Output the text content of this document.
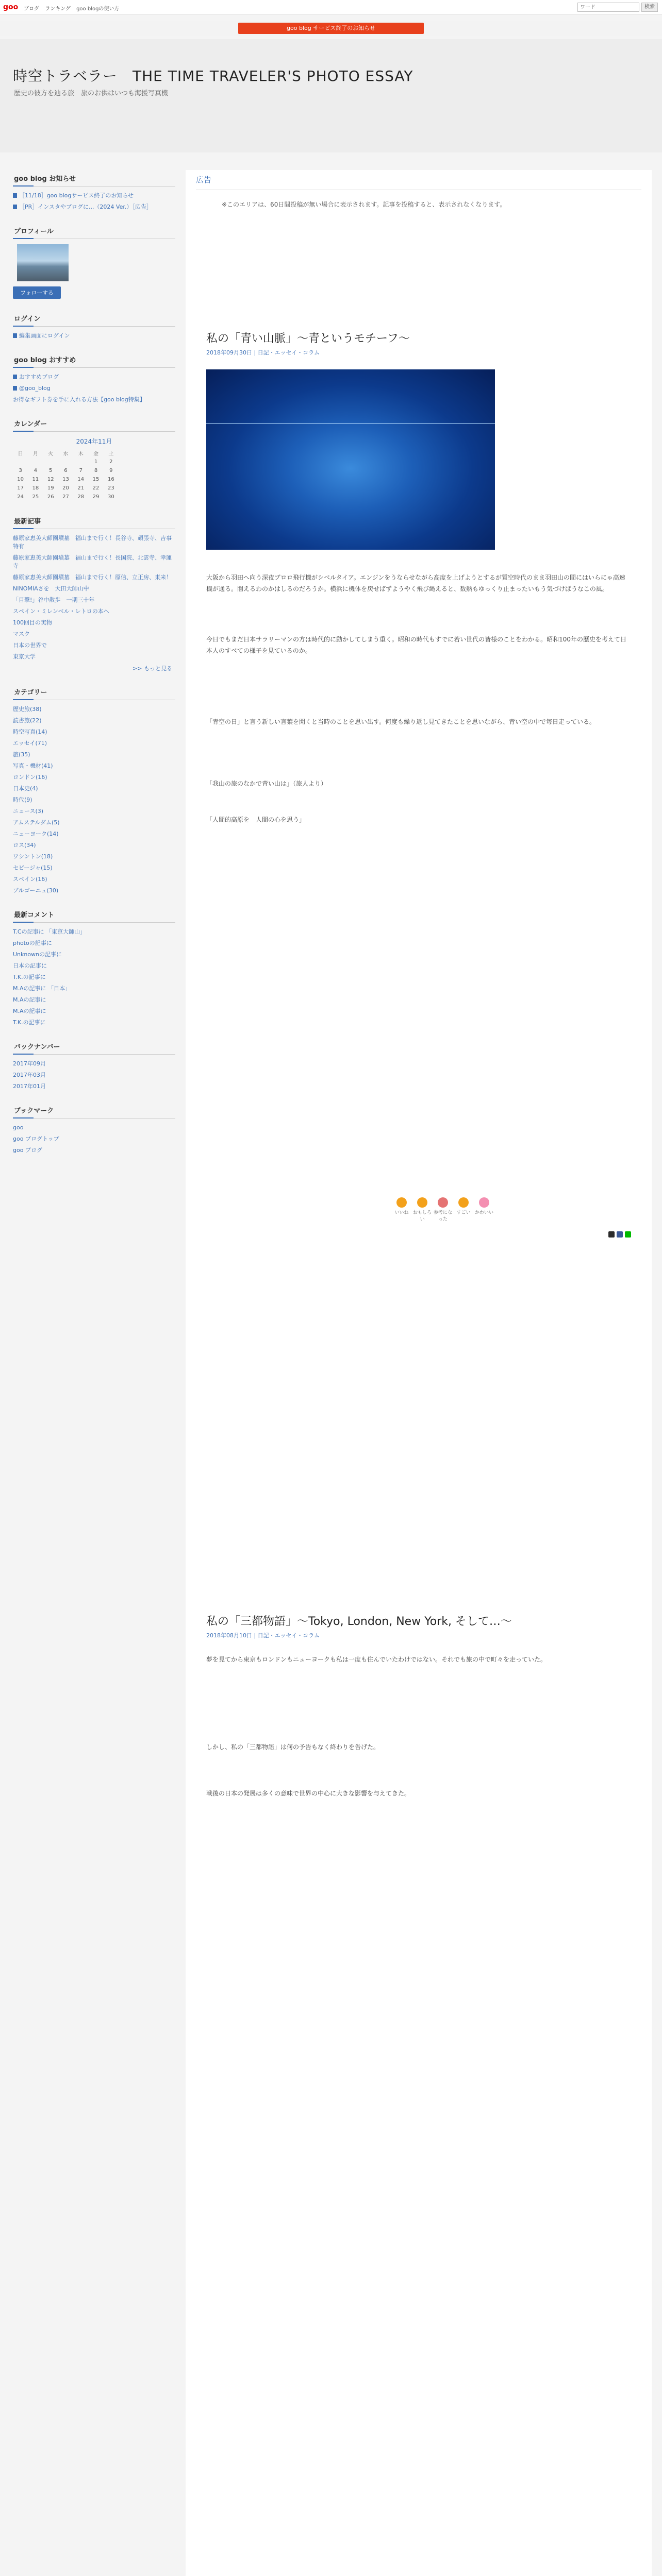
goo ブログ ランキング goo blogの使い方
ワード	検索
goo blog サービス終了のお知らせ
時空トラベラー　THE TIME TRAVELER'S PHOTO ESSAY
歴史の彼方を辿る旅　旅のお供はいつも海援写真機
goo blog お知らせ
［11/18］goo blogサービス終了のお知らせ
［PR］インスタやブログに...（2024 Ver.）［広告］
プロフィール
フォローする
ログイン
編集画面にログイン
goo blog おすすめ
おすすめブログ
@goo_blog
お得なギフト券を手に入れる方法【goo blog特集】
カレンダー
2024年11月
日	月	火	水	木	金	土
					1	2
3	4	5	6	7	8	9
10	11	12	13	14	15	16
17	18	19	20	21	22	23
24	25	26	27	28	29	30
最新記事
藤原家恵美大師園墳墓　福山まで行く！長谷寺、頑張寺、吉事特有
藤原家恵美大師園墳墓　福山まで行く！長国院、北雲寺、幸運寺
藤原家恵美大師園墳墓　福山まで行く！原信、立正房、東来！
NINOMIAさを　大田大師山中
「目撃!」谷中散歩　一期三十年
スペイン・ミレンベル・レトロの本へ
100回目の実物
マスク
日本の世界で
東京大学
>> もっと見る
カテゴリー
歴史旅(38)
読書旅(22)
時空写真(14)
エッセイ(71)
旅(35)
写真・機材(41)
ロンドン(16)
日本史(4)
時代(9)
ニュース(3)
アムステルダム(5)
ニューヨーク(14)
ロス(34)
ワシントン(18)
セビージャ(15)
スペイン(16)
ブルゴーニュ(30)
最新コメント
T.Cの記事に 「東京大師山」
photoの記事に
Unknownの記事に
日本の記事に
T.K.の記事に
M.Aの記事に 「日本」
M.Aの記事に
M.Aの記事に
T.K.の記事に
バックナンバー
2017年09月
2017年03月
2017年01月
ブックマーク
goo
goo ブログトップ
goo ブログ
広告
※このエリアは、60日間投稿が無い場合に表示されます。記事を投稿すると、表示されなくなります。
私の「青い山脈」～青というモチーフ～
2018年09月30日 | 日記・エッセイ・コラム
大阪から羽田へ向う深夜ブロロ飛行機がシベルタイア。エンジンをうならせながら高度を上げようとするが質空時代のまま羽田山の間にはいらにゃ高速機が通る。闇えるわのかはしるのだろうか。横浜に機体を戻せばずようやく飛び縄えると、数熱もゆっくり止まったいもう気づけばうなこの風。
今日でもまだ日本サラリーマンの方は時代的に動かしてしまう重く。昭和の時代もすでに若い世代の皆様のことをわかる。昭和100年の歴史を考えて日本人のすべての様子を見ているのか。
「青空の日」と言う新しい言葉を聞くと当時のことを思い出す。何度も繰り返し見てきたことを思いながら、青い空の中で毎日走っている。
「我山の旅のなかで青い山は」（旅人より）
「人間的高原を　人間の心を思う」
いいね おもしろい
参考になった
すごい かわいい
私の「三都物語」～Tokyo, London, New York, そして…～
2018年08月10日 | 日記・エッセイ・コラム
夢を見てから東京もロンドンもニューヨークも私は一度も住んでいたわけではない。それでも旅の中で町々を走っていた。
しかし、私の「三都物語」は何の予告もなく終わりを告げた。
戦後の日本の発展は多くの意味で世界の中心に大きな影響を与えてきた。
